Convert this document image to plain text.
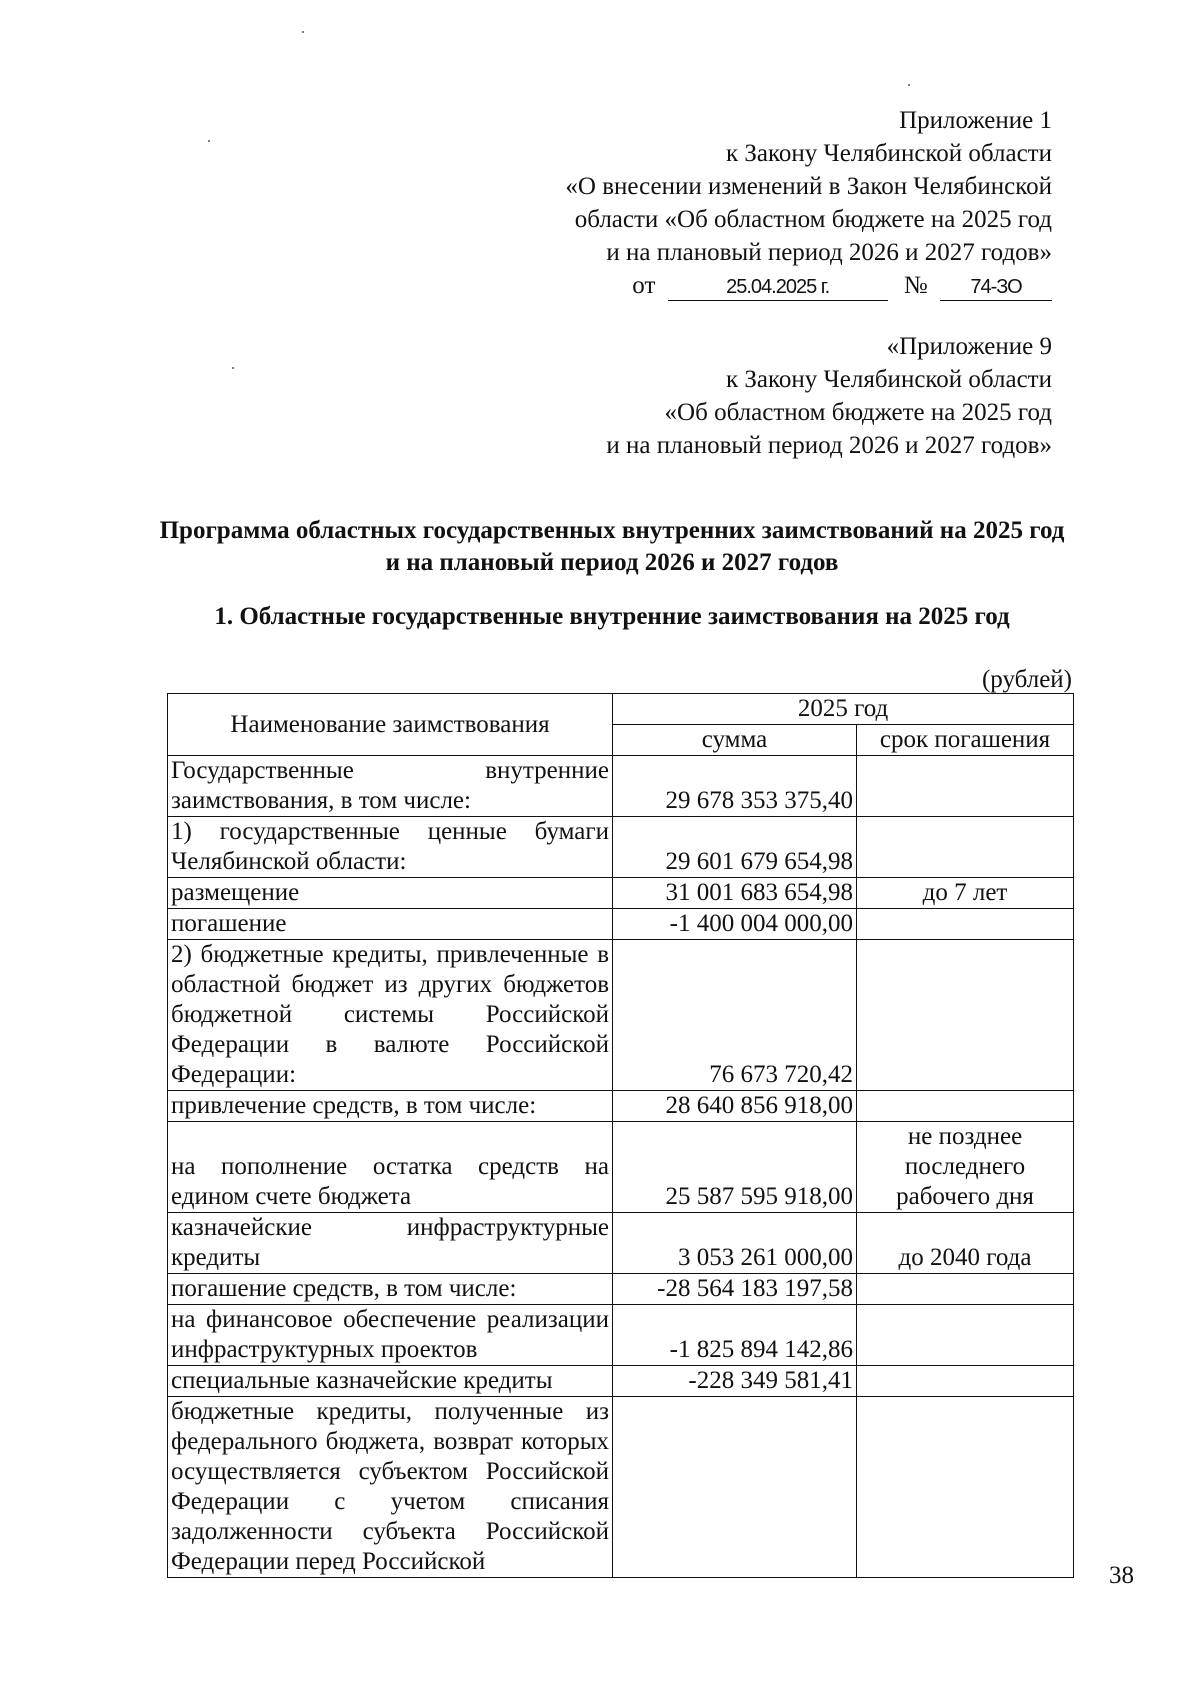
Приложение 1
к Закону Челябинской области
«О внесении изменений в Закон Челябинской
области «Об областном бюджете на 2025 год
и на плановый период 2026 и 2027 годов»
от	25.04.2025 г.	№ 74-ЗО
«Приложение 9
к Закону Челябинской области
«Об областном бюджете на 2025 год
и на плановый период 2026 и 2027 годов»
Программа областных государственных внутренних заимствований на 2025 год
и на плановый период 2026 и 2027 годов
1. Областные государственные внутренние заимствования на 2025 год
(рублей)
Наименование заимствования	2025 год	
	сумма	срок погашения
Государственные внутренние заимствования, в том числе:	29 678 353 375,40	
1) государственные ценные бумаги Челябинской области:	29 601 679 654,98	
размещение	31 001 683 654,98	до 7 лет
погашение	-1 400 004 000,00	
2) бюджетные кредиты, привлеченные в областной бюджет из других бюджетов бюджетной системы Российской Федерации в валюте Российской Федерации:	76 673 720,42	
привлечение средств, в том числе:	28 640 856 918,00	
на пополнение остатка средств на едином счете бюджета	25 587 595 918,00	не позднее последнего рабочего дня
казначейские инфраструктурные кредиты	3 053 261 000,00	до 2040 года
погашение средств, в том числе:	-28 564 183 197,58	
на финансовое обеспечение реализации инфраструктурных проектов	-1 825 894 142,86	
специальные казначейские кредиты	-228 349 581,41	
бюджетные кредиты, полученные из федерального бюджета, возврат которых осуществляется субъектом Российской Федерации с учетом списания задолженности субъекта Российской Федерации перед Российской		
38
